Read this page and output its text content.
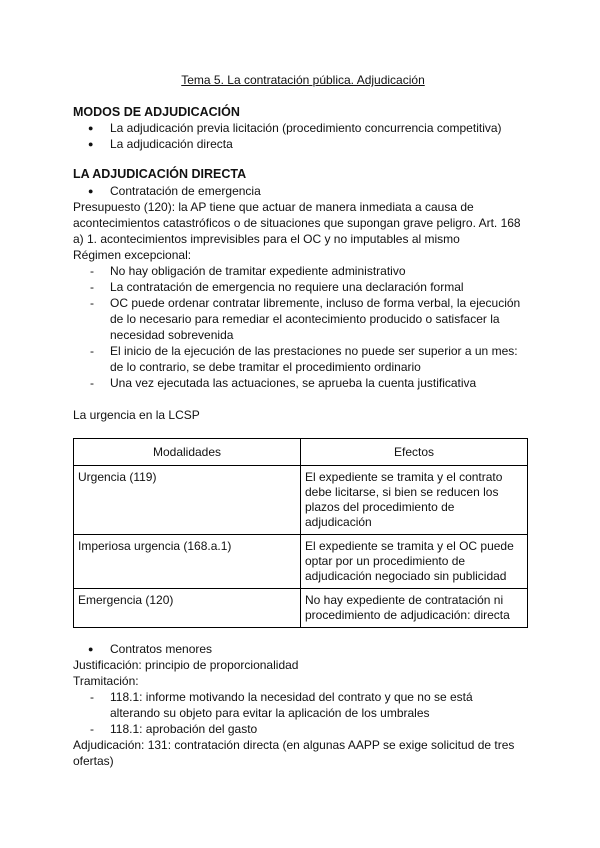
Tema 5. La contratación pública. Adjudicación
MODOS DE ADJUDICACIÓN
● La adjudicación previa licitación (procedimiento concurrencia competitiva)
● La adjudicación directa
LA ADJUDICACIÓN DIRECTA
● Contratación de emergencia
Presupuesto (120): la AP tiene que actuar de manera inmediata a causa de
acontecimientos catastróficos o de situaciones que supongan grave peligro. Art. 168
a) 1. acontecimientos imprevisibles para el OC y no imputables al mismo
Régimen excepcional:
- No hay obligación de tramitar expediente administrativo
- La contratación de emergencia no requiere una declaración formal
- OC puede ordenar contratar libremente, incluso de forma verbal, la ejecución
de lo necesario para remediar el acontecimiento producido o satisfacer la
necesidad sobrevenida
- El inicio de la ejecución de las prestaciones no puede ser superior a un mes:
de lo contrario, se debe tramitar el procedimiento ordinario
- Una vez ejecutada las actuaciones, se aprueba la cuenta justificativa
La urgencia en la LCSP
Modalidades	Efectos
Urgencia (119)	El expediente se tramita y el contrato debe licitarse, si bien se reducen los plazos del procedimiento de adjudicación
Imperiosa urgencia (168.a.1)	El expediente se tramita y el OC puede optar por un procedimiento de adjudicación negociado sin publicidad
Emergencia (120)	No hay expediente de contratación ni procedimiento de adjudicación: directa
● Contratos menores
Justificación: principio de proporcionalidad
Tramitación:
- 118.1: informe motivando la necesidad del contrato y que no se está
alterando su objeto para evitar la aplicación de los umbrales
- 118.1: aprobación del gasto
Adjudicación: 131: contratación directa (en algunas AAPP se exige solicitud de tres
ofertas)
